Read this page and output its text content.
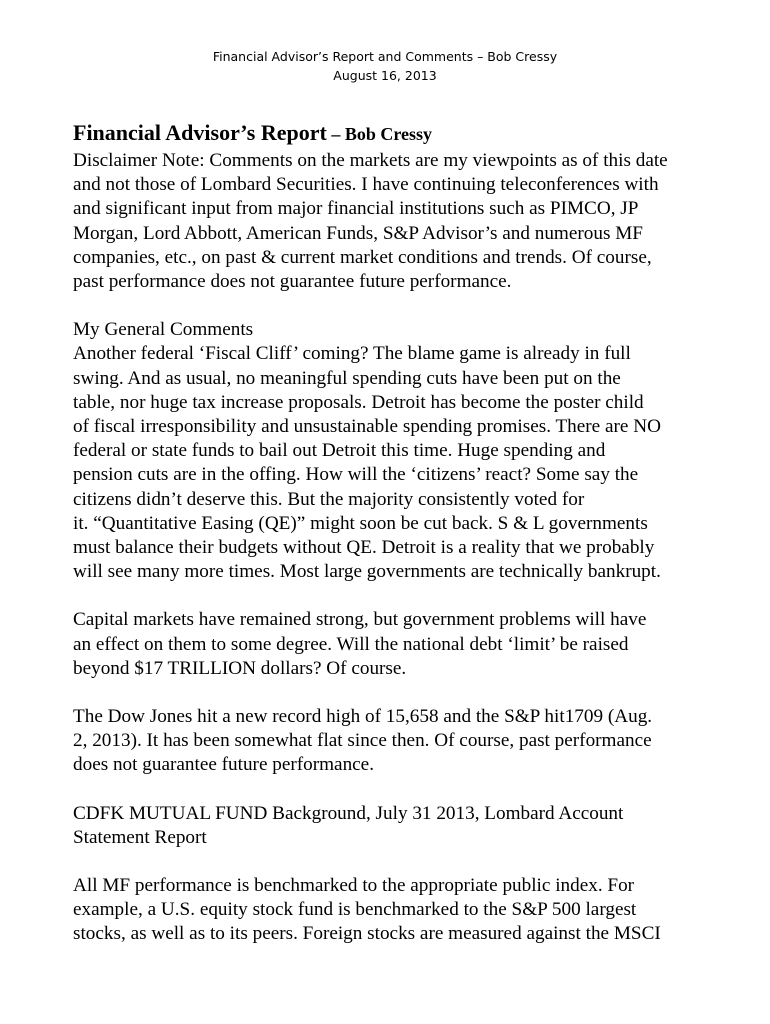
Financial Advisor’s Report and Comments – Bob Cressy
August 16, 2013
Financial Advisor’s Report – Bob Cressy
Disclaimer Note: Comments on the markets are my viewpoints as of this date
and not those of Lombard Securities. I have continuing teleconferences with
and significant input from major financial institutions such as PIMCO, JP
Morgan, Lord Abbott, American Funds, S&P Advisor’s and numerous MF
companies, etc., on past & current market conditions and trends. Of course,
past performance does not guarantee future performance.
My General Comments
Another federal ‘Fiscal Cliff’ coming? The blame game is already in full
swing. And as usual, no meaningful spending cuts have been put on the
table, nor huge tax increase proposals. Detroit has become the poster child
of fiscal irresponsibility and unsustainable spending promises. There are NO
federal or state funds to bail out Detroit this time. Huge spending and
pension cuts are in the offing. How will the ‘citizens’ react? Some say the
citizens didn’t deserve this. But the majority consistently voted for
it. “Quantitative Easing (QE)” might soon be cut back. S & L governments
must balance their budgets without QE. Detroit is a reality that we probably
will see many more times. Most large governments are technically bankrupt.
Capital markets have remained strong, but government problems will have
an effect on them to some degree. Will the national debt ‘limit’ be raised
beyond $17 TRILLION dollars? Of course.
The Dow Jones hit a new record high of 15,658 and the S&P hit1709 (Aug.
2, 2013). It has been somewhat flat since then. Of course, past performance
does not guarantee future performance.
CDFK MUTUAL FUND Background, July 31 2013, Lombard Account
Statement Report
All MF performance is benchmarked to the appropriate public index. For
example, a U.S. equity stock fund is benchmarked to the S&P 500 largest
stocks, as well as to its peers. Foreign stocks are measured against the MSCI
